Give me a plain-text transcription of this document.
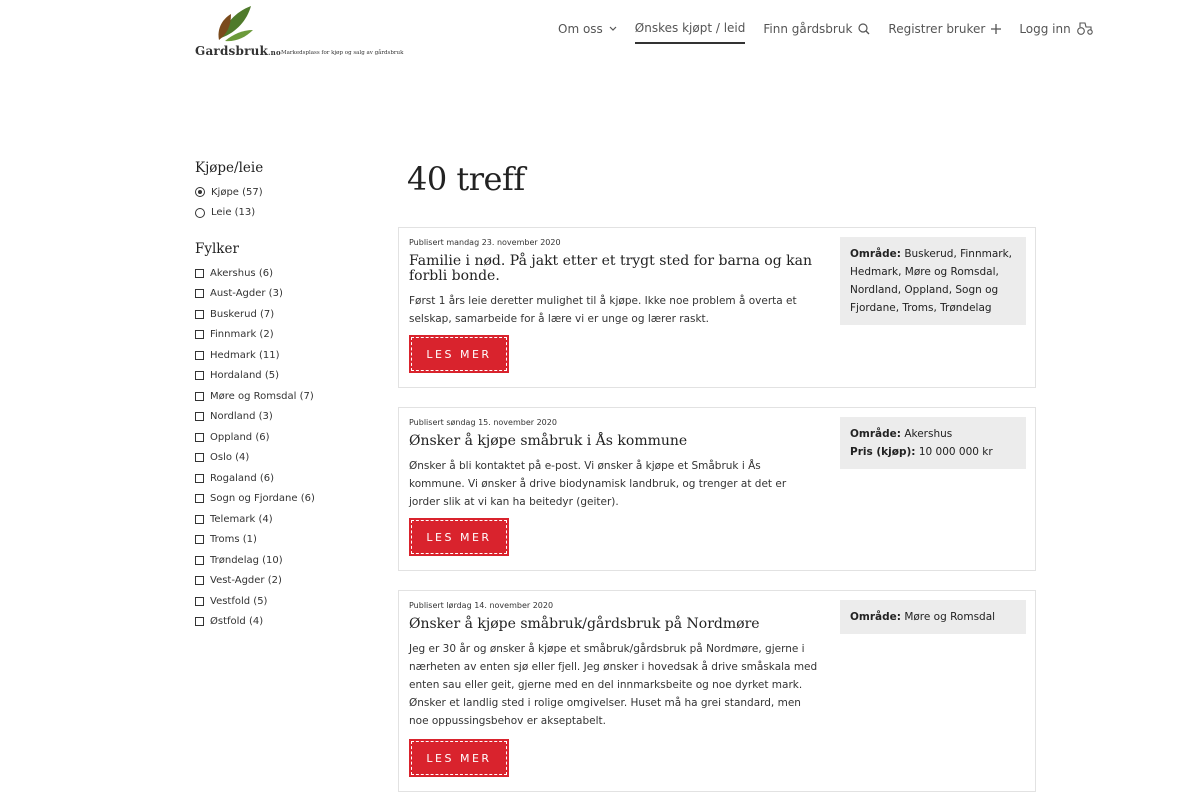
Gardsbruk.no Markedsplass for kjøp og salg av gårdsbruk
Om oss	Ønskes kjøpt / leid Finn gårdsbruk	Registrer bruker	Logg inn
Kjøpe/leie
Kjøpe (57)
Leie (13)
Fylker
Akershus (6)
Aust-Agder (3)
Buskerud (7)
Finnmark (2)
Hedmark (11)
Hordaland (5)
Møre og Romsdal (7)
Nordland (3)
Oppland (6)
Oslo (4)
Rogaland (6)
Sogn og Fjordane (6)
Telemark (4)
Troms (1)
Trøndelag (10)
Vest-Agder (2)
Vestfold (5)
Østfold (4)
40 treff
Publisert mandag 23. november 2020
Familie i nød. På jakt etter et trygt sted for barna og kan forbli bonde.
Først 1 års leie deretter mulighet til å kjøpe. Ikke noe problem å overta et selskap, samarbeide for å lære vi er unge og lærer raskt.
LES MER
Område: Buskerud, Finnmark, Hedmark, Møre og Romsdal, Nordland, Oppland, Sogn og Fjordane, Troms, Trøndelag
Publisert søndag 15. november 2020
Ønsker å kjøpe småbruk i Ås kommune
Ønsker å bli kontaktet på e-post. Vi ønsker å kjøpe et Småbruk i Ås kommune. Vi ønsker å drive biodynamisk landbruk, og trenger at det er jorder slik at vi kan ha beitedyr (geiter).
LES MER
Område: Akershus
Pris (kjøp): 10 000 000 kr
Publisert lørdag 14. november 2020
Ønsker å kjøpe småbruk/gårdsbruk på Nordmøre
Jeg er 30 år og ønsker å kjøpe et småbruk/gårdsbruk på Nordmøre, gjerne i nærheten av enten sjø eller fjell. Jeg ønsker i hovedsak å drive småskala med enten sau eller geit, gjerne med en del innmarksbeite og noe dyrket mark. Ønsker et landlig sted i rolige omgivelser. Huset må ha grei standard, men noe oppussingsbehov er akseptabelt.
LES MER
Område: Møre og Romsdal
